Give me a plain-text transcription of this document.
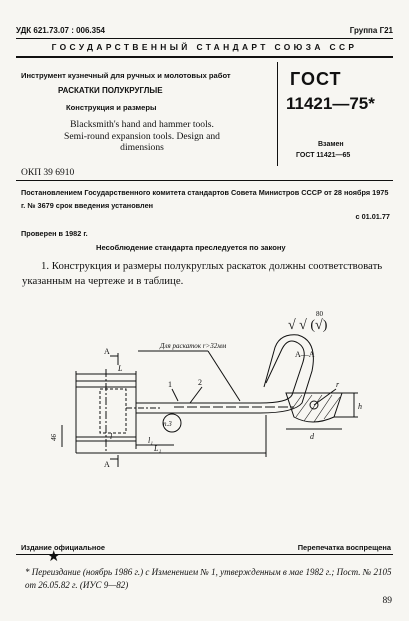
УДК 621.73.07 : 006.354	Группа Г21
ГОСУДАРСТВЕННЫЙ СТАНДАРТ СОЮЗА ССР
Инструмент кузнечный для ручных и молотовых работ
РАСКАТКИ ПОЛУКРУГЛЫЕ
Конструкция и размеры
Blacksmith's hand and hammer tools. Semi-round expansion tools. Design and dimensions
ГОСТ
11421—75*
Взамен
ГОСТ 11421—65
ОКП 39 6910
Постановлением Государственного комитета стандартов Совета Министров СССР от 28 ноября 1975 г. № 3679 срок введения установлен
с 01.01.77
Проверен в 1982 г.
Несоблюдение стандарта преследуется по закону
1. Конструкция и размеры полукруглых раскаток должны соответствовать указанным на чертеже и в таблице.
80
√ √ (√)
А
Для раскаток r>32мм
1	2
п.3
L
l	l₁
L₁
46
А
А—А
h
r
d
Издание официальное	Перепечатка воспрещена
★
* Переиздание (ноябрь 1986 г.) с Изменением № 1, утвержденным в мае 1982 г.; Пост. № 2105 от 26.05.82 г. (ИУС 9—82)
89
